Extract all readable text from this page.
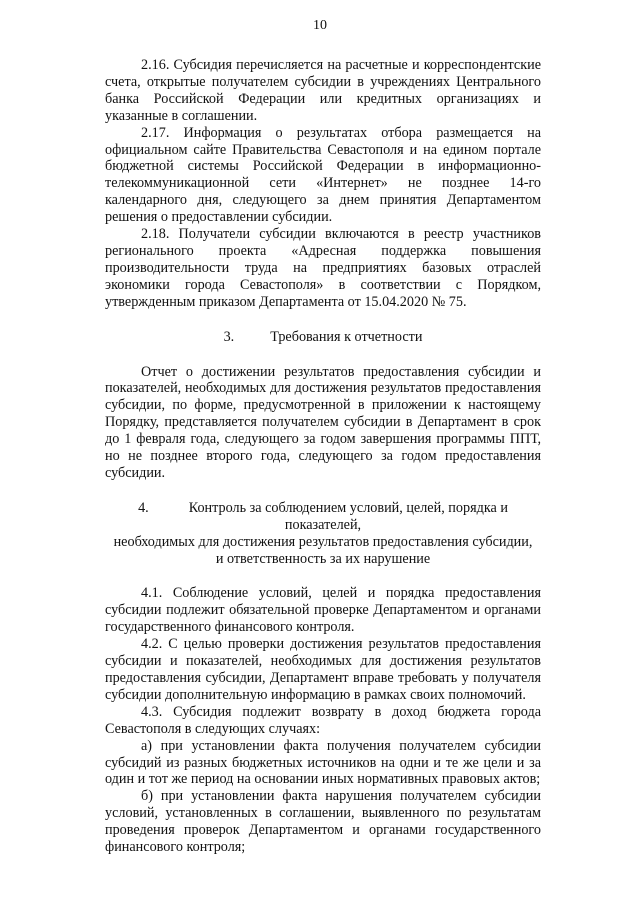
10

2.16. Субсидия перечисляется на расчетные и корреспондентские счета, открытые получателем субсидии в учреждениях Центрального банка Российской Федерации или кредитных организациях и указанные в соглашении.

2.17. Информация о результатах отбора размещается на официальном сайте Правительства Севастополя и на едином портале бюджетной системы Российской Федерации в информационно-телекоммуникационной сети «Интернет» не позднее 14-го календарного дня, следующего за днем принятия Департаментом решения о предоставлении субсидии.

2.18. Получатели субсидии включаются в реестр участников регионального проекта «Адресная поддержка повышения производительности труда на предприятиях базовых отраслей экономики города Севастополя» в соответствии с Порядком, утвержденным приказом Департамента от 15.04.2020 № 75.

3.	Требования к отчетности

Отчет о достижении результатов предоставления субсидии и показателей, необходимых для достижения результатов предоставления субсидии, по форме, предусмотренной в приложении к настоящему Порядку, представляется получателем субсидии в Департамент в срок до 1 февраля года, следующего за годом завершения программы ППТ, но не позднее второго года, следующего за годом предоставления субсидии.

4.	Контроль за соблюдением условий, целей, порядка и показателей,

необходимых для достижения результатов предоставления субсидии,

и ответственность за их нарушение

4.1. Соблюдение условий, целей и порядка предоставления субсидии подлежит обязательной проверке Департаментом и органами государственного финансового контроля.

4.2. С целью проверки достижения результатов предоставления субсидии и показателей, необходимых для достижения результатов предоставления субсидии, Департамент вправе требовать у получателя субсидии дополнительную информацию в рамках своих полномочий.

4.3. Субсидия подлежит возврату в доход бюджета города Севастополя в следующих случаях:

а) при установлении факта получения получателем субсидии субсидий из разных бюджетных источников на одни и те же цели и за один и тот же период на основании иных нормативных правовых актов;

б) при установлении факта нарушения получателем субсидии условий, установленных в соглашении, выявленного по результатам проведения проверок Департаментом и органами государственного финансового контроля;
